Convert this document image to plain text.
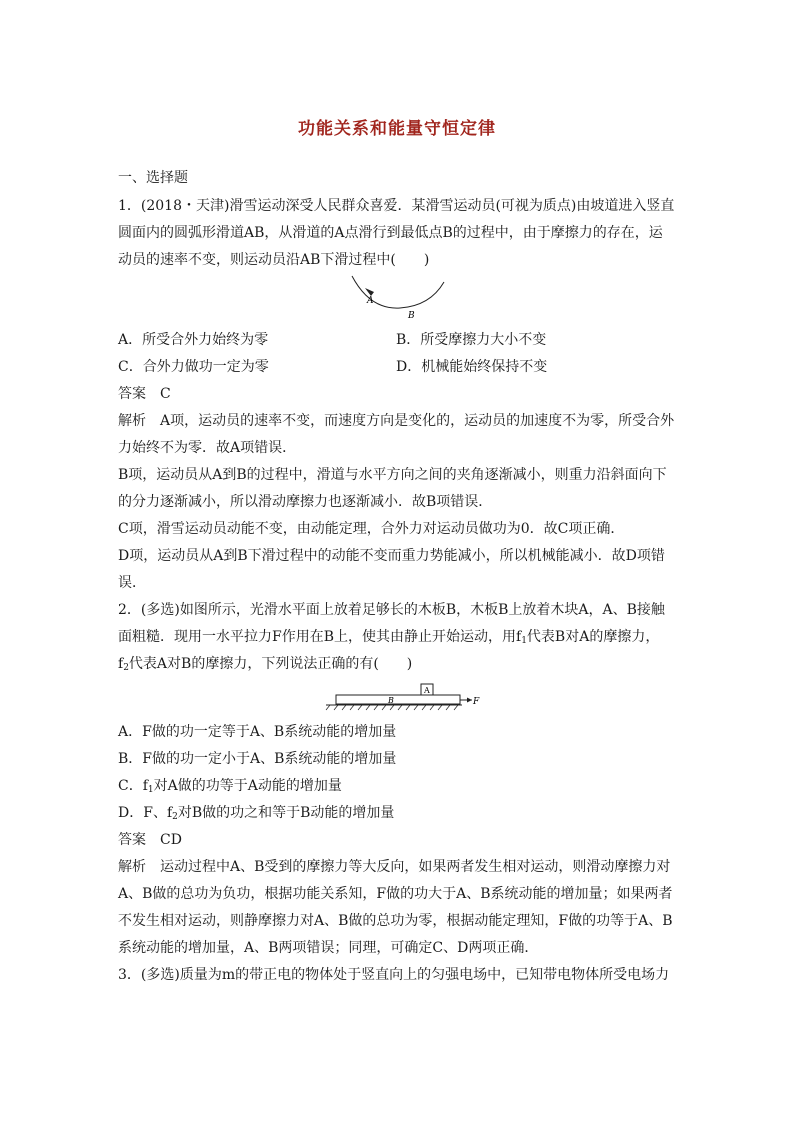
功能关系和能量守恒定律
一、选择题
1．(2018・天津)滑雪运动深受人民群众喜爱．某滑雪运动员(可视为质点)由坡道进入竖直
圆面内的圆弧形滑道AB，从滑道的A点滑行到最低点B的过程中，由于摩擦力的存在，运
动员的速率不变，则运动员沿AB下滑过程中(　　)
A
B
A．所受合外力始终为零	B．所受摩擦力大小不变
C．合外力做功一定为零	D．机械能始终保持不变
答案　 C
解析　 A项，运动员的速率不变，而速度方向是变化的，运动员的加速度不为零，所受合外
力始终不为零．故A项错误．
B项，运动员从A到B的过程中，滑道与水平方向之间的夹角逐渐减小，则重力沿斜面向下
的分力逐渐减小，所以滑动摩擦力也逐渐减小．故B项错误．
C项，滑雪运动员动能不变，由动能定理，合外力对运动员做功为0．故C项正确．
D项，运动员从A到B下滑过程中的动能不变而重力势能减小，所以机械能减小．故D项错
误．
2．(多选)如图所示，光滑水平面上放着足够长的木板B，木板B上放着木块A，A、B接触
面粗糙．现用一水平拉力F作用在B上，使其由静止开始运动，用$f_1$代表B对A的摩擦力，
$f_2$代表A对B的摩擦力，下列说法正确的有(　　)
A
B	F
A．F做的功一定等于A、B系统动能的增加量
B．F做的功一定小于A、B系统动能的增加量
C．$f_1$对A做的功等于A动能的增加量
D．F、$f_2$对B做的功之和等于B动能的增加量
答案　 CD
解析　 运动过程中A、B受到的摩擦力等大反向，如果两者发生相对运动，则滑动摩擦力对
A、B做的总功为负功，根据功能关系知，F做的功大于A、B系统动能的增加量；如果两者
不发生相对运动，则静摩擦力对A、B做的总功为零，根据动能定理知，F做的功等于A、B
系统动能的增加量，A、B两项错误；同理，可确定C、D两项正确．
3．(多选)质量为m的带正电的物体处于竖直向上的匀强电场中，已知带电物体所受电场力
